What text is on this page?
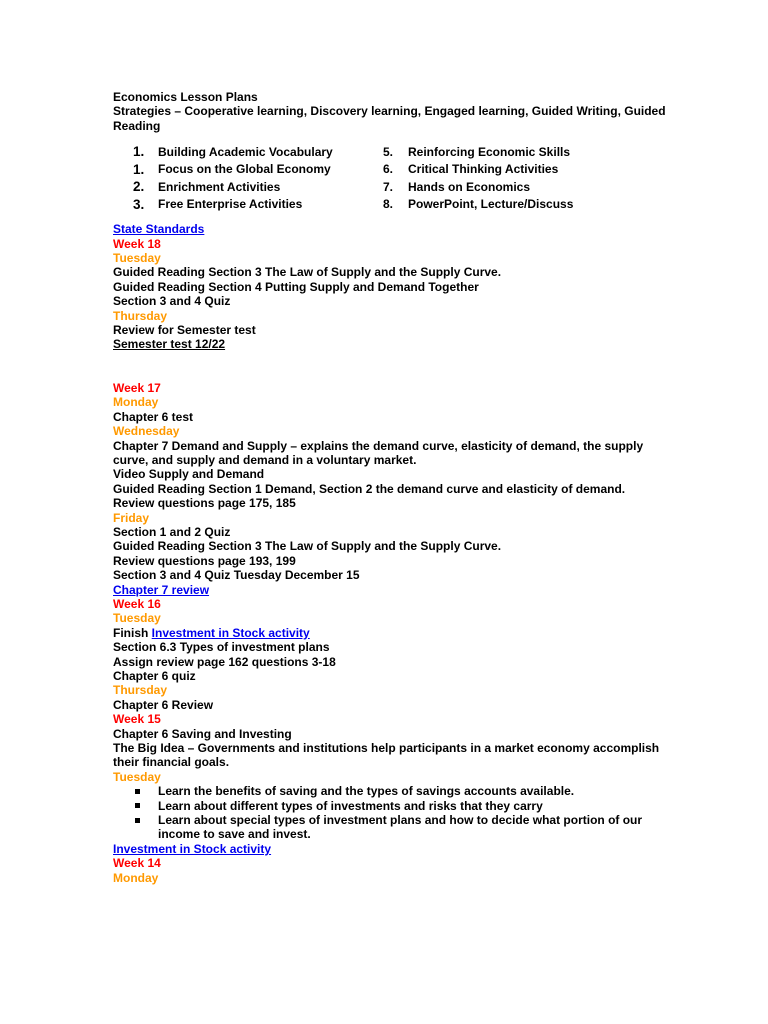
Economics Lesson Plans
Strategies – Cooperative learning, Discovery learning, Engaged learning, Guided Writing, Guided Reading
1.	Building Academic Vocabulary
1.	Focus on the Global Economy
2.	Enrichment Activities
3.	Free Enterprise Activities
5.	Reinforcing Economic Skills
6.	Critical Thinking Activities
7.	Hands on Economics
8.	PowerPoint, Lecture/Discuss
State Standards
Week 18
Tuesday
Guided Reading Section 3 The Law of Supply and the Supply Curve.
Guided Reading Section 4 Putting Supply and Demand Together
Section 3 and 4 Quiz
Thursday
Review for Semester test
Semester test 12/22
Week 17
Monday
Chapter 6 test
Wednesday
Chapter 7 Demand and Supply – explains the demand curve, elasticity of demand, the supply curve, and supply and demand in a voluntary market.
Video Supply and Demand
Guided Reading Section 1 Demand, Section 2 the demand curve and elasticity of demand.
Review questions page 175, 185
Friday
Section 1 and 2 Quiz
Guided Reading Section 3 The Law of Supply and the Supply Curve.
Review questions page 193, 199
Section 3 and 4 Quiz Tuesday December 15
Chapter 7 review
Week 16
Tuesday
Finish Investment in Stock activity
Section 6.3 Types of investment plans
Assign review page 162 questions 3-18
Chapter 6 quiz
Thursday
Chapter 6 Review
Week 15
Chapter 6 Saving and Investing
The Big Idea – Governments and institutions help participants in a market economy accomplish their financial goals.
Tuesday
Learn the benefits of saving and the types of savings accounts available.
Learn about different types of investments and risks that they carry
Learn about special types of investment plans and how to decide what portion of our income to save and invest.
Investment in Stock activity
Week 14
Monday
